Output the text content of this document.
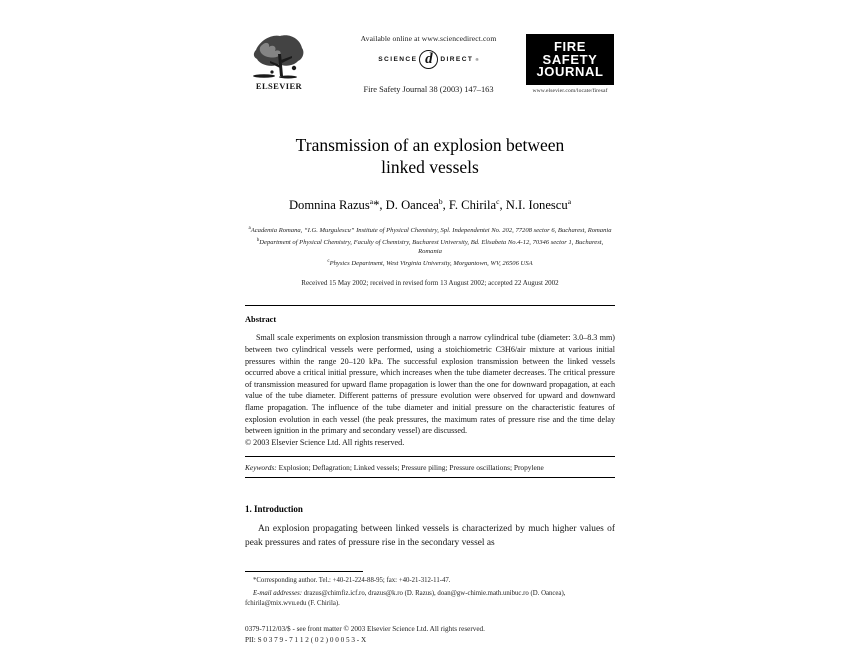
ELSEVIER
Available online at www.sciencedirect.com
SCIENCE d	DIRECT ®
Fire Safety Journal 38 (2003) 147–163
FIRE
SAFETY
JOURNAL
www.elsevier.com/locate/firesaf
Transmission of an explosion between
linked vessels
Domnina Razus$^a$*, D. Oancea$^b$, F. Chirila$^c$, N.I. Ionescu$^a$
$^a$Academia Romana, “I.G. Murgulescu” Institute of Physical Chemistry, Spl. Independentei No. 202, 77208 sector 6, Bucharest, Romania
$^b$Department of Physical Chemistry, Faculty of Chemistry, Bucharest University, Bd. Elisabeta No.4-12, 70346 sector 1, Bucharest, Romania
$^c$Physics Department, West Virginia University, Morgantown, WV, 26506 USA
Received 15 May 2002; received in revised form 13 August 2002; accepted 22 August 2002
Abstract
Small scale experiments on explosion transmission through a narrow cylindrical tube (diameter: 3.0–8.3 mm) between two cylindrical vessels were performed, using a stoichiometric C3H6/air mixture at various initial pressures within the range 20–120 kPa. The successful explosion transmission between the linked vessels occurred above a critical initial pressure, which increases when the tube diameter decreases. The critical pressure of transmission measured for upward flame propagation is lower than the one for downward propagation, at each value of the tube diameter. Different patterns of pressure evolution were observed for upward and downward flame propagation. The influence of the tube diameter and initial pressure on the characteristic features of explosion evolution in each vessel (the peak pressures, the maximum rates of pressure rise and the time delay between ignition in the primary and secondary vessel) are discussed.
© 2003 Elsevier Science Ltd. All rights reserved.
Keywords: Explosion; Deflagration; Linked vessels; Pressure piling; Pressure oscillations; Propylene
1. Introduction
An explosion propagating between linked vessels is characterized by much higher values of peak pressures and rates of pressure rise in the secondary vessel as
*Corresponding author. Tel.: +40-21-224-88-95; fax: +40-21-312-11-47.
E-mail addresses: drazus@chimfiz.icf.ro, drazus@k.ro (D. Razus), doan@gw-chimie.math.unibuc.ro (D. Oancea), fchirila@mix.wvu.edu (F. Chirila).
0379-7112/03/$ - see front matter © 2003 Elsevier Science Ltd. All rights reserved.
PII: S 0 3 7 9 - 7 1 1 2 ( 0 2 ) 0 0 0 5 3 - X
